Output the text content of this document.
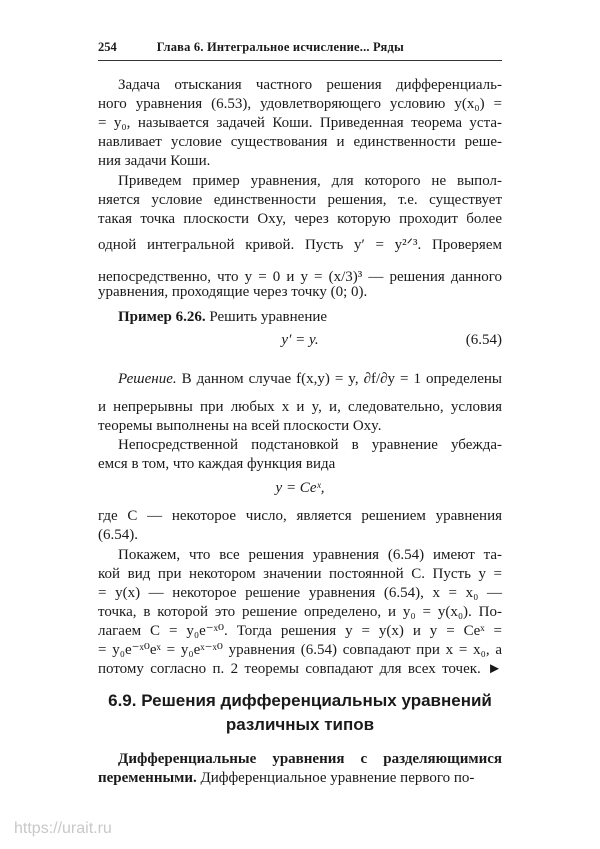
254	Глава 6. Интегральное исчисление... Ряды
Задача отыскания частного решения дифференциаль-
ного уравнения (6.53), удовлетворяющего условию y(x₀) =
= y₀, называется задачей Коши. Приведенная теорема уста-
навливает условие существования и единственности реше-
ния задачи Коши.
Приведем пример уравнения, для которого не выпол-
няется условие единственности решения, т.е. существует
такая точка плоскости Oxy, через которую проходит более
одной интегральной кривой. Пусть y′ = y²ᐟ³. Проверяем
непосредственно, что y = 0 и y = (x/3)³ — решения данного
уравнения, проходящие через точку (0; 0).
Пример 6.26. Решить уравнение
y′ = y.	(6.54)
Решение. В данном случае f(x,y) = y, ∂f/∂y = 1 определены
и непрерывны при любых x и y, и, следовательно, условия
теоремы выполнены на всей плоскости Oxy.
Непосредственной подстановкой в уравнение убежда-
емся в том, что каждая функция вида
y = Ceˣ,
где C — некоторое число, является решением уравнения
(6.54).
Покажем, что все решения уравнения (6.54) имеют та-
кой вид при некотором значении постоянной C. Пусть y =
= y(x) — некоторое решение уравнения (6.54), x = x₀ —
точка, в которой это решение определено, и y₀ = y(x₀). По-
лагаем C = y₀e⁻ˣ⁰. Тогда решения y = y(x) и y = Ceˣ =
= y₀e⁻ˣ⁰eˣ = y₀eˣ⁻ˣ⁰ уравнения (6.54) совпадают при x = x₀, а
потому согласно п. 2 теоремы совпадают для всех точек. ►
6.9. Решения дифференциальных уравнений
различных типов
Дифференциальные уравнения с разделяющимися
переменными. Дифференциальное уравнение первого по-
https://urait.ru
